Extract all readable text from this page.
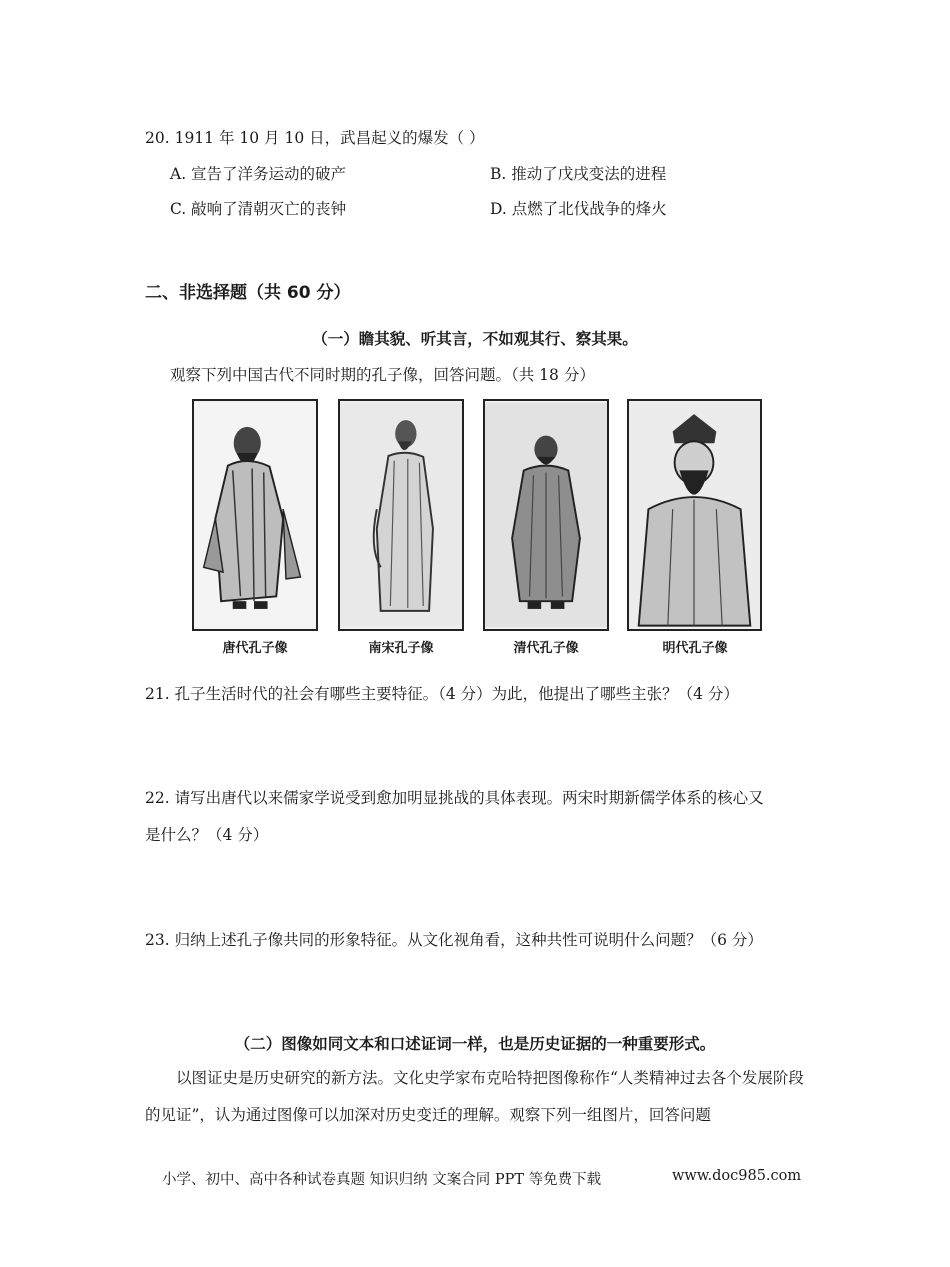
20. 1911 年 10 月 10 日，武昌起义的爆发（ ）
A. 宣告了洋务运动的破产	B. 推动了戊戌变法的进程
C. 敲响了清朝灭亡的丧钟	D. 点燃了北伐战争的烽火
二、非选择题（共 60 分）
（一）瞻其貌、听其言，不如观其行、察其果。
观察下列中国古代不同时期的孔子像，回答问题。（共 18 分）
唐代孔子像	南宋孔子像	清代孔子像	明代孔子像
21. 孔子生活时代的社会有哪些主要特征。（4 分）为此，他提出了哪些主张？（4 分）
22. 请写出唐代以来儒家学说受到愈加明显挑战的具体表现。两宋时期新儒学体系的核心又
是什么？（4 分）
23. 归纳上述孔子像共同的形象特征。从文化视角看，这种共性可说明什么问题？（6 分）
（二）图像如同文本和口述证词一样，也是历史证据的一种重要形式。
以图证史是历史研究的新方法。文化史学家布克哈特把图像称作“人类精神过去各个发展阶段的见证”，认为通过图像可以加深对历史变迁的理解。观察下列一组图片，回答问题
小学、初中、高中各种试卷真题 知识归纳 文案合同 PPT 等免费下载	www.doc985.com
